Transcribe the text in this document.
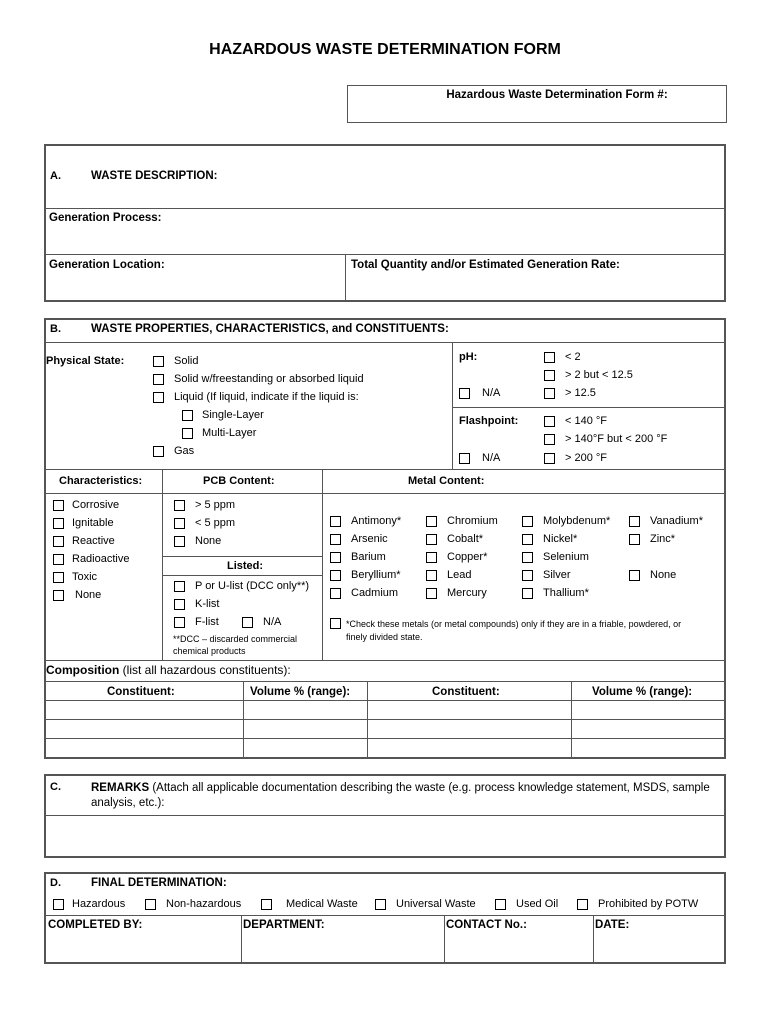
HAZARDOUS WASTE DETERMINATION FORM
Hazardous Waste Determination Form #:
A.	WASTE DESCRIPTION:
Generation Process:
Generation Location:	Total Quantity and/or Estimated Generation Rate:
B.	WASTE PROPERTIES, CHARACTERISTICS, and CONSTITUENTS:
Physical State:	Solid
Solid w/freestanding or absorbed liquid
Liquid (If liquid, indicate if the liquid is:
Single-Layer
Multi-Layer
Gas
pH:	< 2
> 2 but < 12.5
N/A	> 12.5
Flashpoint:	< 140 °F
> 140°F but < 200 °F
N/A	> 200 °F
Characteristics:	PCB Content:	Metal Content:
Corrosive
Ignitable
Reactive
Radioactive
Toxic
None
> 5 ppm
< 5 ppm
None
Listed:
P or U-list (DCC only**)
K-list
F-list	N/A
**DCC – discarded commercial chemical products
Antimony*	Chromium	Molybdenum*	Vanadium*
Arsenic	Cobalt*	Nickel*	Zinc*
Barium	Copper*	Selenium
Beryllium*	Lead	Silver	None
Cadmium	Mercury	Thallium*
*Check these metals (or metal compounds) only if they are in a friable, powdered, or finely divided state.
Composition (list all hazardous constituents):
Constituent:	Volume % (range):	Constituent:	Volume % (range):
C.	REMARKS (Attach all applicable documentation describing the waste (e.g. process knowledge statement, MSDS, sample analysis, etc.):
D.	FINAL DETERMINATION:
Hazardous	Non-hazardous	Medical Waste	Universal Waste	Used Oil	Prohibited by POTW
COMPLETED BY:	DEPARTMENT:	CONTACT No.:	DATE:
